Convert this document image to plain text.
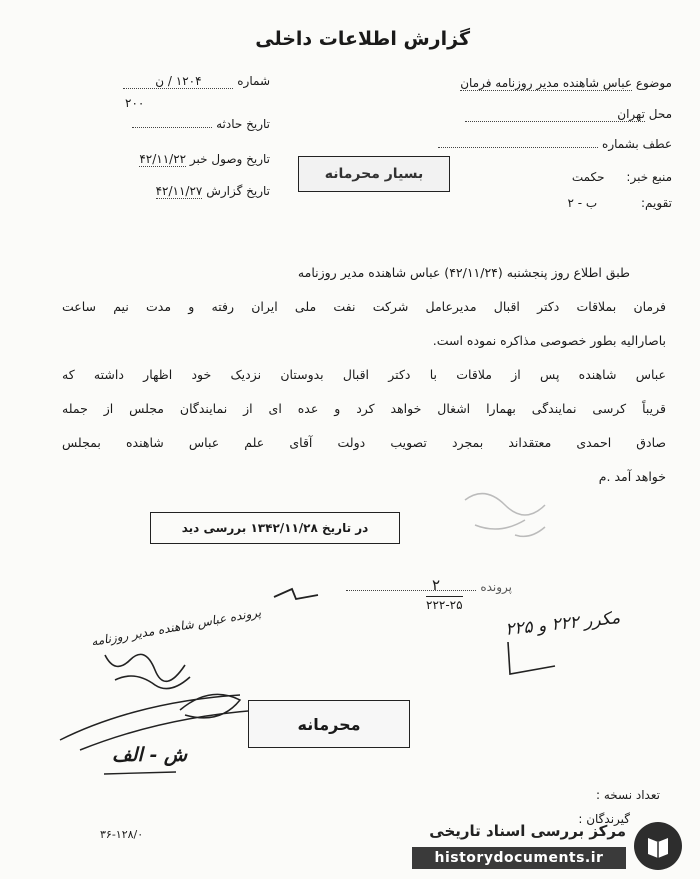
گزارش اطلاعات داخلی
موضوع عباس شاهنده مدیر روزنامه فرمان
محل تهران
عطف بشماره
منبع خبر: حکمت
تقویم: ب - ۲
شماره ۱۲۰۴ / ن
۲۰۰
تاریخ حادثه
تاریخ وصول خبر ۴۲/۱۱/۲۲
تاریخ گزارش ۴۲/۱۱/۲۷
بسیار محرمانه
طبق اطلاع روز پنجشنبه (۴۲/۱۱/۲۴) عباس شاهنده مدیر روزنامه
فرمان بملاقات دکتر اقبال مدیرعامل شرکت نفت ملی ایران رفته و مدت نیم ساعت
باصارالیه بطور خصوصی مذاکره نموده است.
عباس شاهنده پس از ملاقات با دکتر اقبال بدوستان نزدیک خود اظهار داشته که
قریباً کرسی نمایندگی بهمارا اشغال خواهد کرد و عده ای از نمایندگان مجلس از جمله
صادق احمدی معتقداند بمجرد تصویب دولت آقای علم عباس شاهنده بمجلس
خواهد آمد .م
در تاریخ ۱۳۴۲/۱۱/۲۸ بررسی دید
پرونده
۲
۲۲۲-۲۵
مکرر ۲۲۲ و ۲۲۵
پرونده عباس شاهنده مدیر روزنامه
محرمانه
ش - الف
تعداد نسخه :
گیرندگان :
۳۶-۱۲۸/۰	مرکز بررسی اسناد تاریخی
historydocuments.ir
